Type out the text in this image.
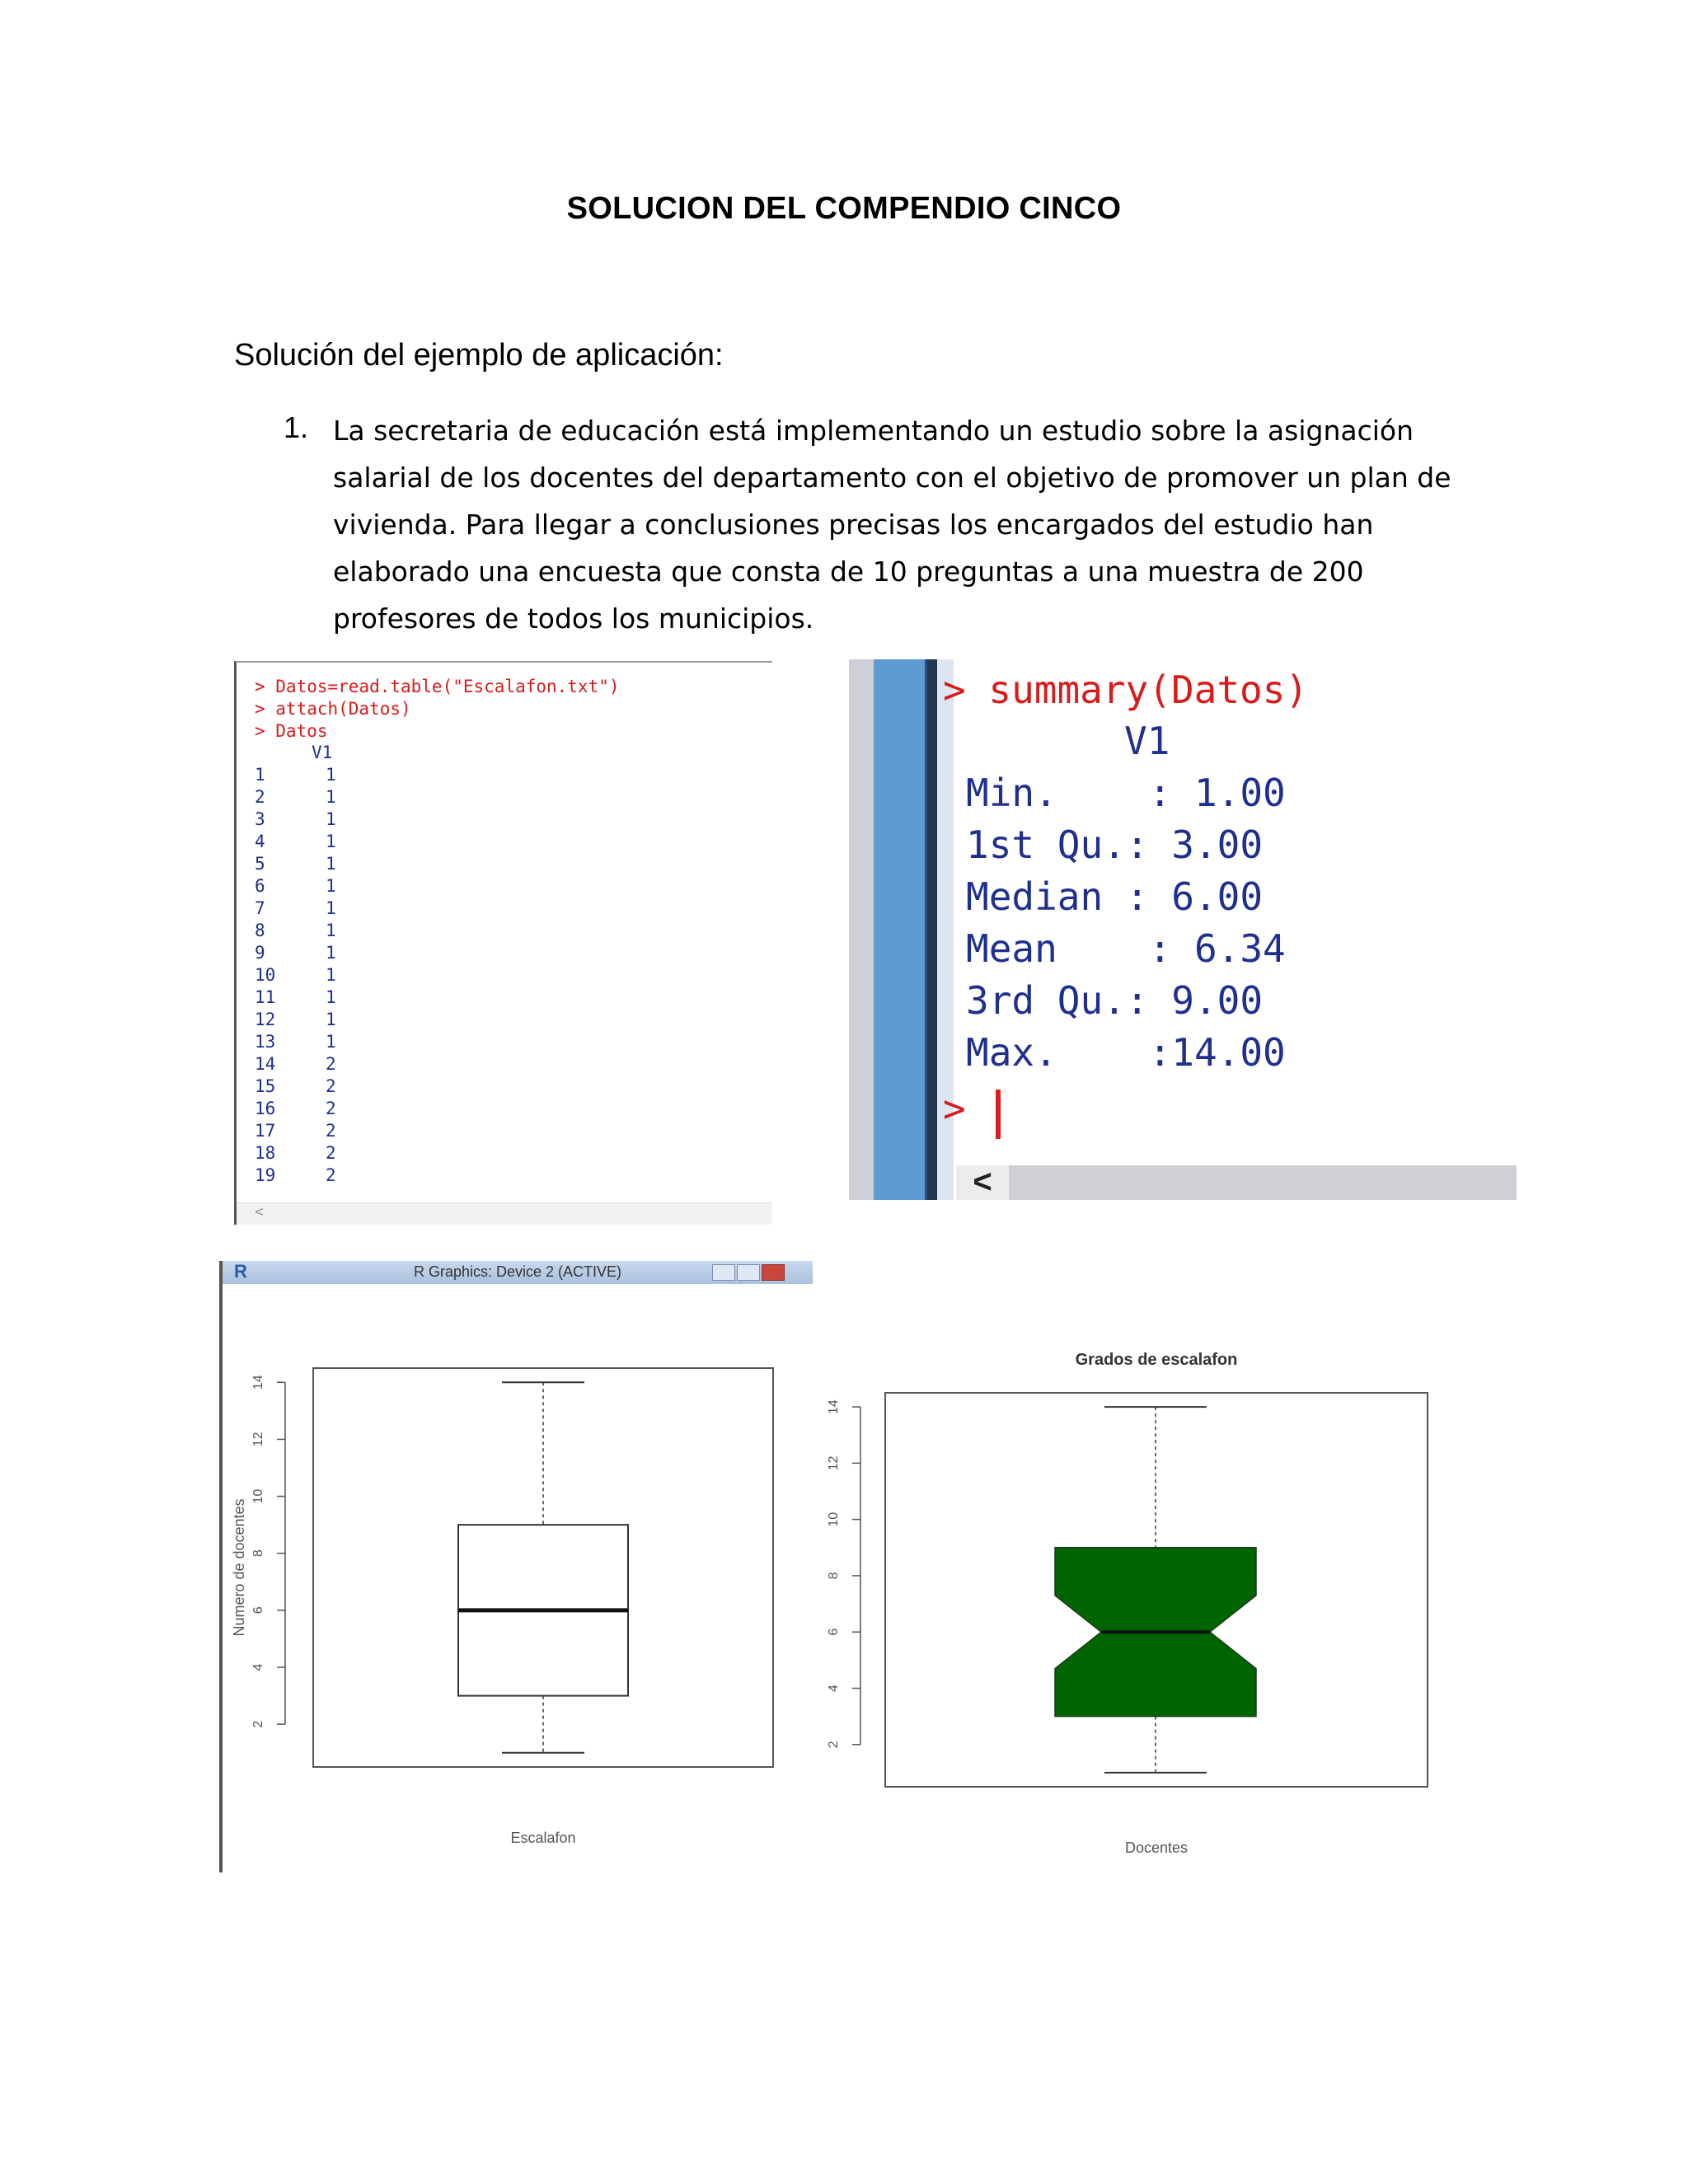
SOLUCION DEL COMPENDIO CINCO
Solución del ejemplo de aplicación:
1. La secretaria de educación está implementando un estudio sobre la asignación
salarial de los docentes del departamento con el objetivo de promover un plan de
vivienda. Para llegar a conclusiones precisas los encargados del estudio han
elaborado una encuesta que consta de 10 preguntas a una muestra de 200
profesores de todos los municipios.
> Datos=read.table("Escalafon.txt")
> attach(Datos)
> Datos
V1
1	1
2	1
3	1
4	1
5	1
6	1
7	1
8	1
9	1
10	1
11	1
12	1
13	1
14	2
15	2
16	2
17	2
18	2
19	2
<
> summary(Datos)
V1
Min.    : 1.00
1st Qu.: 3.00
Median : 6.00
Mean    : 6.34
3rd Qu.: 9.00
Max.    :14.00
>
<
R	R Graphics: Device 2 (ACTIVE)
2
4
6
8
10
12
14
Numero de docentes
Escalafon
Grados de escalafon
2
4
6
8
10
12
14
Docentes
